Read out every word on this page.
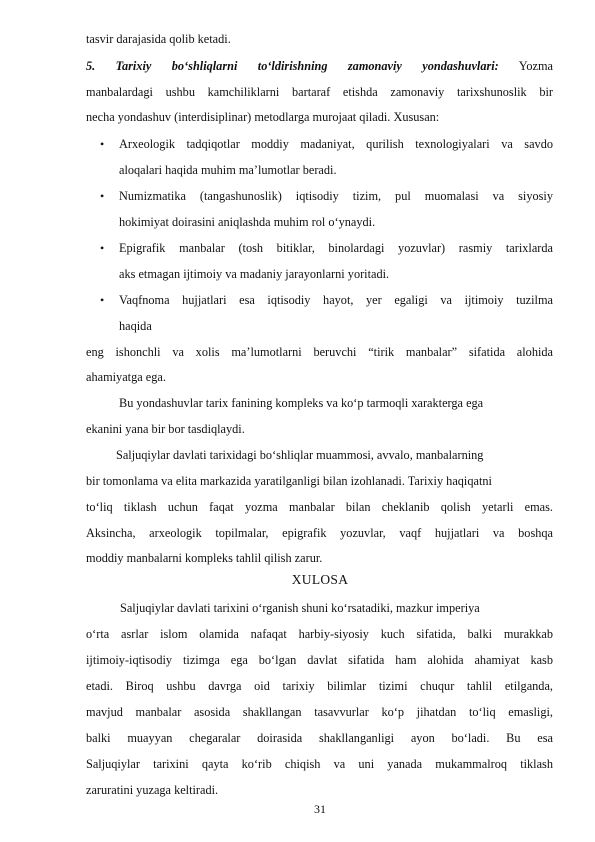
tasvir darajasida qolib ketadi.
5. Tarixiy bo‘shliqlarni to‘ldirishning zamonaviy yondashuvlari: Yozma
manbalardagi ushbu kamchiliklarni bartaraf etishda zamonaviy tarixshunoslik bir
necha yondashuv (interdisiplinar) metodlarga murojaat qiladi. Xususan:
•	Arxeologik tadqiqotlar moddiy madaniyat, qurilish texnologiyalari va savdo
aloqalari haqida muhim ma’lumotlar beradi.
•	Numizmatika (tangashunoslik) iqtisodiy tizim, pul muomalasi va siyosiy
hokimiyat doirasini aniqlashda muhim rol o‘ynaydi.
•	Epigrafik manbalar (tosh bitiklar, binolardagi yozuvlar) rasmiy tarixlarda
aks etmagan ijtimoiy va madaniy jarayonlarni yoritadi.
•	Vaqfnoma hujjatlari esa iqtisodiy hayot, yer egaligi va ijtimoiy tuzilma
haqida
eng ishonchli va xolis ma’lumotlarni beruvchi “tirik manbalar” sifatida alohida
ahamiyatga ega.
Bu yondashuvlar tarix fanining kompleks va ko‘p tarmoqli xarakterga ega
ekanini yana bir bor tasdiqlaydi.
Saljuqiylar davlati tarixidagi bo‘shliqlar muammosi, avvalo, manbalarning
bir tomonlama va elita markazida yaratilganligi bilan izohlanadi. Tarixiy haqiqatni
to‘liq tiklash uchun faqat yozma manbalar bilan cheklanib qolish yetarli emas.
Aksincha, arxeologik topilmalar, epigrafik yozuvlar, vaqf hujjatlari va boshqa
moddiy manbalarni kompleks tahlil qilish zarur.
XULOSA
Saljuqiylar davlati tarixini o‘rganish shuni ko‘rsatadiki, mazkur imperiya
o‘rta asrlar islom olamida nafaqat harbiy-siyosiy kuch sifatida, balki murakkab
ijtimoiy-iqtisodiy tizimga ega bo‘lgan davlat sifatida ham alohida ahamiyat kasb
etadi. Biroq ushbu davrga oid tarixiy bilimlar tizimi chuqur tahlil etilganda,
mavjud manbalar asosida shakllangan tasavvurlar ko‘p jihatdan to‘liq emasligi,
balki muayyan chegaralar doirasida shakllanganligi ayon bo‘ladi. Bu esa
Saljuqiylar tarixini qayta ko‘rib chiqish va uni yanada mukammalroq tiklash
zaruratini yuzaga keltiradi.
31
